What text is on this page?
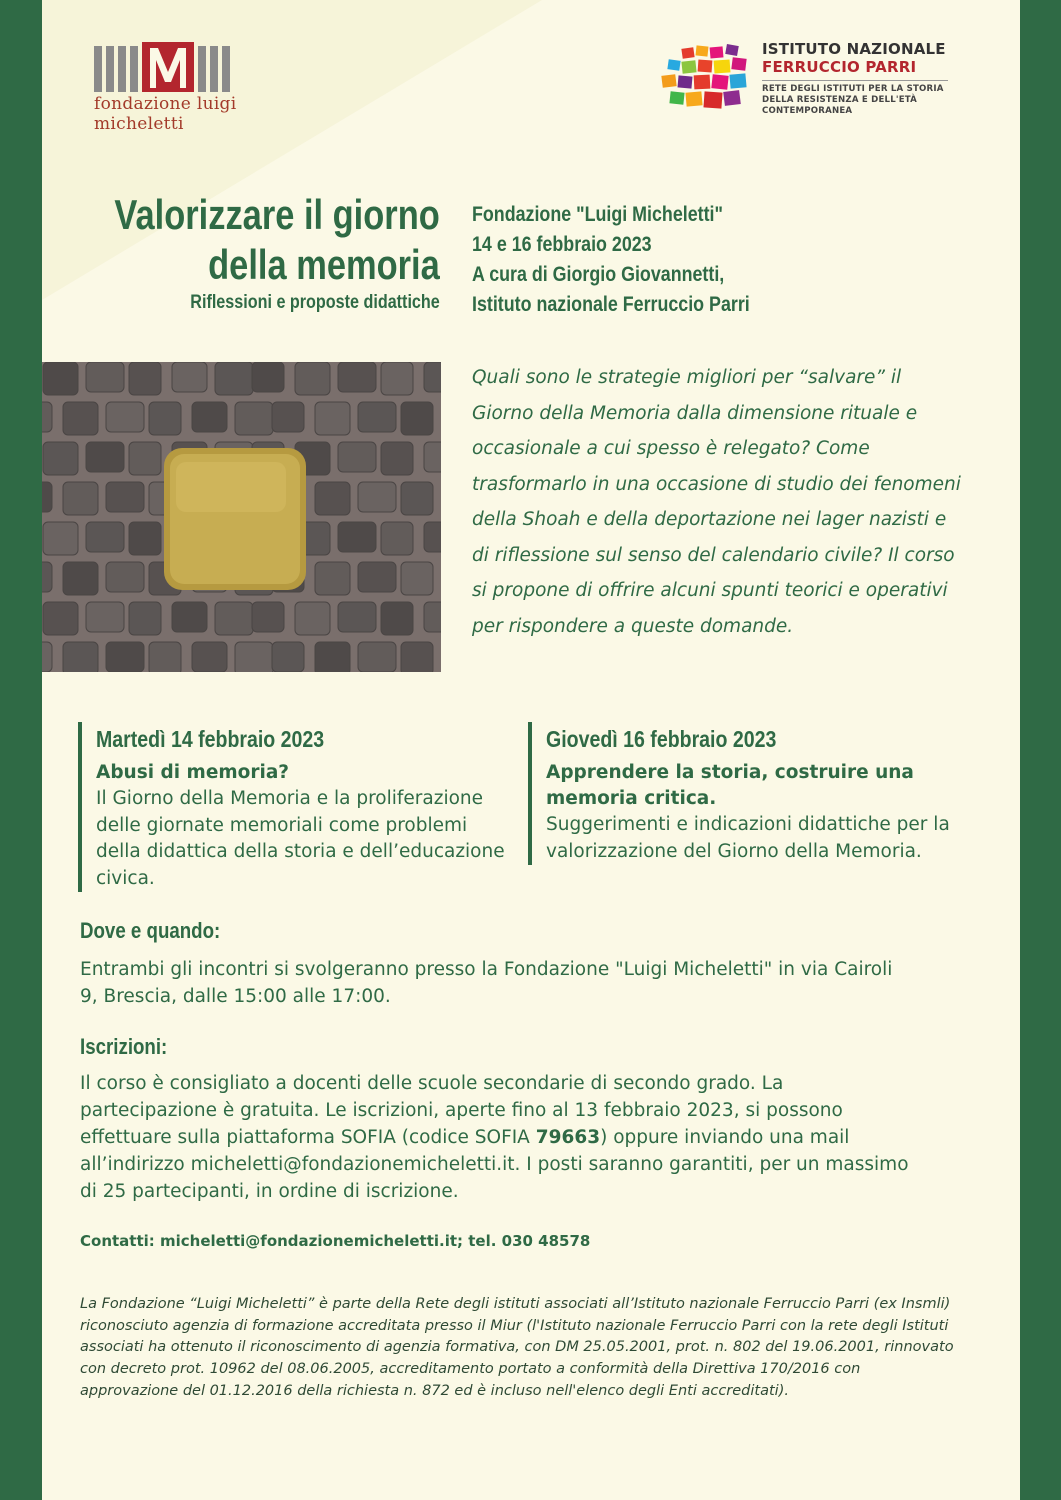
fondazione luigi micheletti
ISTITUTO NAZIONALE
FERRUCCIO PARRI
RETE DEGLI ISTITUTI PER LA STORIA DELLA RESISTENZA E DELL'ETÀ CONTEMPORANEA
Valorizzare il giorno
della memoria
Riflessioni e proposte didattiche
Fondazione "Luigi Micheletti"
14 e 16 febbraio 2023
A cura di Giorgio Giovannetti,
Istituto nazionale Ferruccio Parri
Quali sono le strategie migliori per “salvare” il Giorno della Memoria dalla dimensione rituale e occasionale a cui spesso è relegato? Come trasformarlo in una occasione di studio dei fenomeni della Shoah e della deportazione nei lager nazisti e di riflessione sul senso del calendario civile? Il corso si propone di offrire alcuni spunti teorici e operativi per rispondere a queste domande.
Martedì 14 febbraio 2023
Abusi di memoria?
Il Giorno della Memoria e la proliferazione delle giornate memoriali come problemi della didattica della storia e dell’educazione civica.
Giovedì 16 febbraio 2023
Apprendere la storia, costruire una memoria critica.
Suggerimenti e indicazioni didattiche per la valorizzazione del Giorno della Memoria.
Dove e quando:
Entrambi gli incontri si svolgeranno presso la Fondazione "Luigi Micheletti" in via Cairoli 9, Brescia, dalle 15:00 alle 17:00.
Iscrizioni:
Il corso è consigliato a docenti delle scuole secondarie di secondo grado. La partecipazione è gratuita. Le iscrizioni, aperte fino al 13 febbraio 2023, si possono effettuare sulla piattaforma SOFIA (codice SOFIA 79663) oppure inviando una mail all’indirizzo micheletti@fondazionemicheletti.it. I posti saranno garantiti, per un massimo di 25 partecipanti, in ordine di iscrizione.
Contatti: micheletti@fondazionemicheletti.it; tel. 030 48578
La Fondazione “Luigi Micheletti” è parte della Rete degli istituti associati all’Istituto nazionale Ferruccio Parri (ex Insmli) riconosciuto agenzia di formazione accreditata presso il Miur (l'Istituto nazionale Ferruccio Parri con la rete degli Istituti associati ha ottenuto il riconoscimento di agenzia formativa, con DM 25.05.2001, prot. n. 802 del 19.06.2001, rinnovato con decreto prot. 10962 del 08.06.2005, accreditamento portato a conformità della Direttiva 170/2016 con approvazione del 01.12.2016 della richiesta n. 872 ed è incluso nell'elenco degli Enti accreditati).
